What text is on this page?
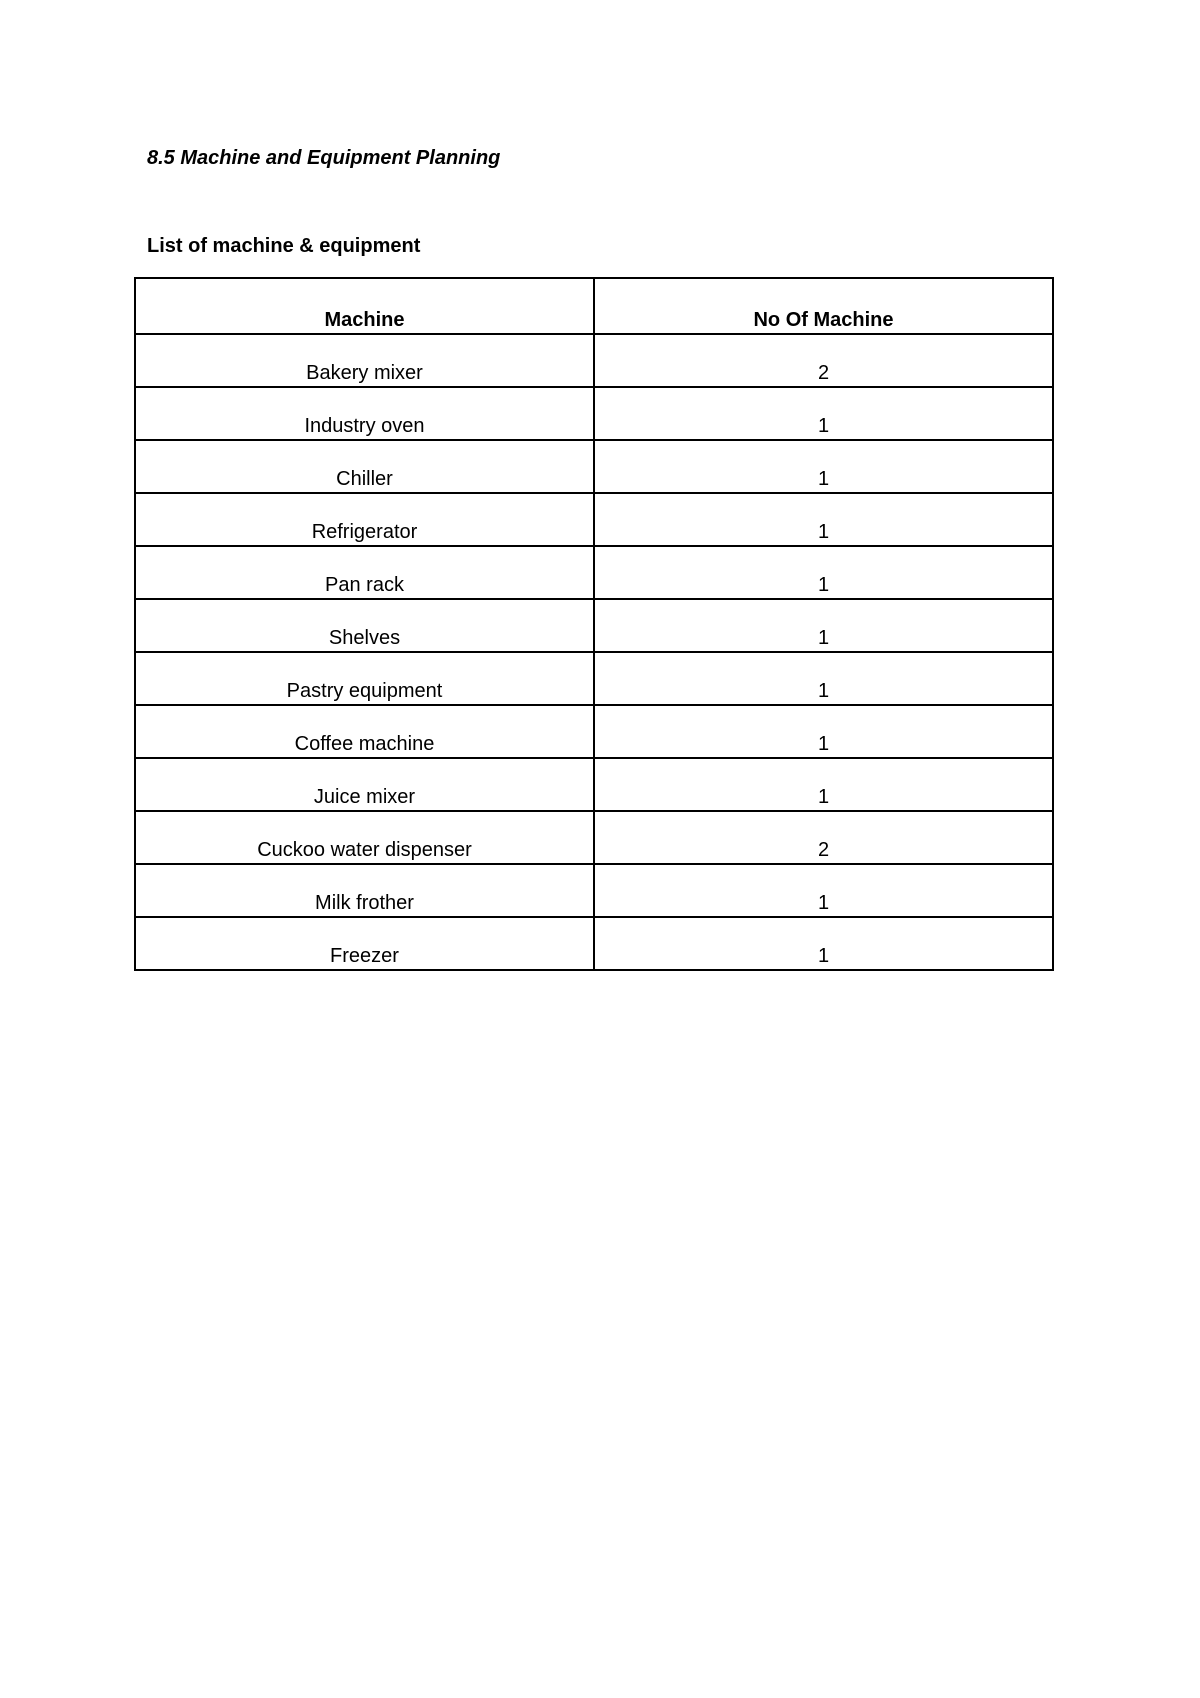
8.5 Machine and Equipment Planning
List of machine & equipment
Machine	No Of Machine
Bakery mixer	2
Industry oven	1
Chiller	1
Refrigerator	1
Pan rack	1
Shelves	1
Pastry equipment	1
Coffee machine	1
Juice mixer	1
Cuckoo water dispenser	2
Milk frother	1
Freezer	1
